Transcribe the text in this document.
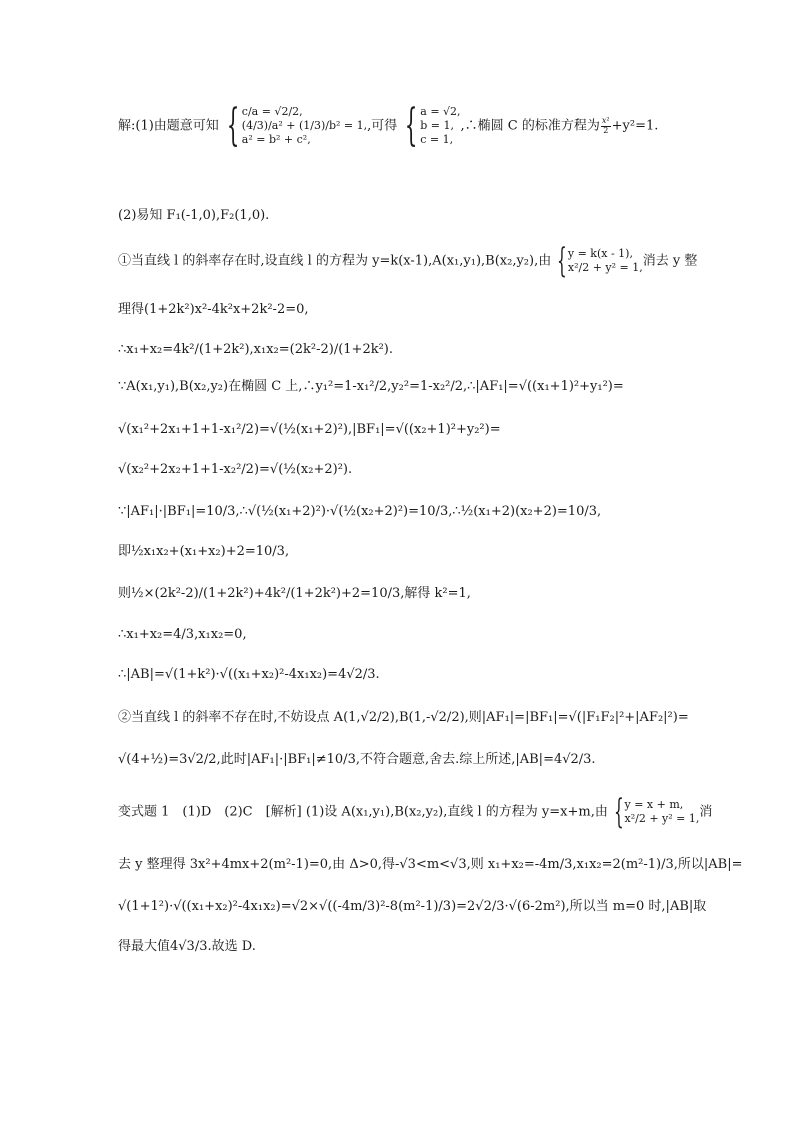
解:(1)由题意可知 { c/a = √2/2,
(4/3)/a² + (1/3)/b² = 1,
a² = b² + c²,
,可得 { a = √2,
b = 1,
c = 1,
,∴椭圆 C 的标准方程为 $\frac{\text{x²}}{2} +y^2=1$.
(2)易知 F₁(-1,0),F₂(1,0).
①当直线 l 的斜率存在时,设直线 l 的方程为 y=k(x-1),A(x₁,y₁),B(x₂,y₂),由 { y = k(x - 1),
x²/2 + y² = 1, 消去 y 整
理得(1+2k²)x²-4k²x+2k²-2=0,
∴x₁+x₂=4k²/(1+2k²),x₁x₂=(2k²-2)/(1+2k²).
∵A(x₁,y₁),B(x₂,y₂)在椭圆 C 上,∴y₁²=1-x₁²/2,y₂²=1-x₂²/2,∴|AF₁|=√((x₁+1)²+y₁²)=
√(x₁²+2x₁+1+1-x₁²/2)=√(½(x₁+2)²),|BF₁|=√((x₂+1)²+y₂²)=
√(x₂²+2x₂+1+1-x₂²/2)=√(½(x₂+2)²).
∵|AF₁|·|BF₁|=10/3,∴√(½(x₁+2)²)·√(½(x₂+2)²)=10/3,∴½(x₁+2)(x₂+2)=10/3,
即½x₁x₂+(x₁+x₂)+2=10/3,
则½×(2k²-2)/(1+2k²)+4k²/(1+2k²)+2=10/3,解得 k²=1,
∴x₁+x₂=4/3,x₁x₂=0,
∴|AB|=√(1+k²)·√((x₁+x₂)²-4x₁x₂)=4√2/3.
②当直线 l 的斜率不存在时,不妨设点 A(1,√2/2),B(1,-√2/2),则|AF₁|=|BF₁|=√(|F₁F₂|²+|AF₂|²)=
√(4+½)=3√2/2,此时|AF₁|·|BF₁|≠10/3,不符合题意,舍去.综上所述,|AB|=4√2/3.
变式题 1　(1)D　(2)C　[解析] (1)设 A(x₁,y₁),B(x₂,y₂),直线 l 的方程为 y=x+m,由 { y = x + m,
x²/2 + y² = 1, 消
去 y 整理得 3x²+4mx+2(m²-1)=0,由 Δ>0,得-√3<m<√3,则 x₁+x₂=-4m/3,x₁x₂=2(m²-1)/3,所以|AB|=
√(1+1²)·√((x₁+x₂)²-4x₁x₂)=√2×√((-4m/3)²-8(m²-1)/3)=2√2/3·√(6-2m²),所以当 m=0 时,|AB|取
得最大值4√3/3.故选 D.
